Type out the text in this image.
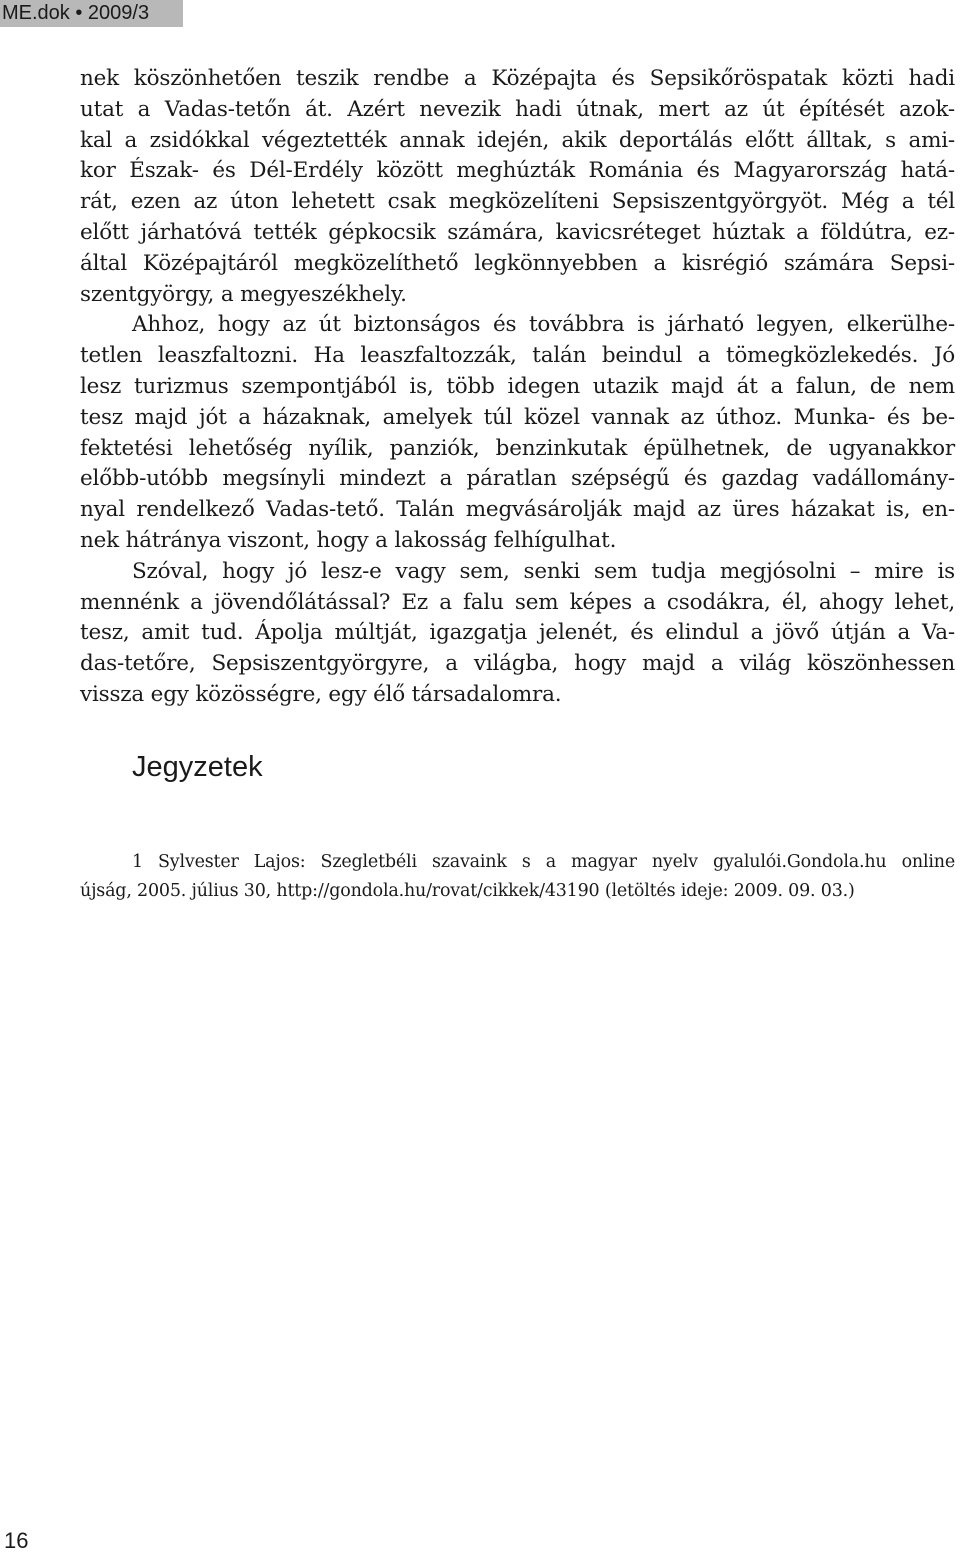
ME.dok • 2009/3
nek köszönhetően teszik rendbe a Középajta és Sepsikőröspatak közti hadi
utat a Vadas-tetőn át. Azért nevezik hadi útnak, mert az út építését azok-
kal a zsidókkal végeztették annak idején, akik deportálás előtt álltak, s ami-
kor Észak- és Dél-Erdély között meghúzták Románia és Magyarország hatá-
rát, ezen az úton lehetett csak megközelíteni Sepsiszentgyörgyöt. Még a tél
előtt járhatóvá tették gépkocsik számára, kavicsréteget húztak a földútra, ez-
által Középajtáról megközelíthető legkönnyebben a kisrégió számára Sepsi-
szentgyörgy, a megyeszékhely.
Ahhoz, hogy az út biztonságos és továbbra is járható legyen, elkerülhe-
tetlen leaszfaltozni. Ha leaszfaltozzák, talán beindul a tömegközlekedés. Jó
lesz turizmus szempontjából is, több idegen utazik majd át a falun, de nem
tesz majd jót a házaknak, amelyek túl közel vannak az úthoz. Munka- és be-
fektetési lehetőség nyílik, panziók, benzinkutak épülhetnek, de ugyanakkor
előbb-utóbb megsínyli mindezt a páratlan szépségű és gazdag vadállomány-
nyal rendelkező Vadas-tető. Talán megvásárolják majd az üres házakat is, en-
nek hátránya viszont, hogy a lakosság felhígulhat.
Szóval, hogy jó lesz-e vagy sem, senki sem tudja megjósolni – mire is
mennénk a jövendőlátással? Ez a falu sem képes a csodákra, él, ahogy lehet,
tesz, amit tud. Ápolja múltját, igazgatja jelenét, és elindul a jövő útján a Va-
das-tetőre, Sepsiszentgyörgyre, a világba, hogy majd a világ köszönhessen
vissza egy közösségre, egy élő társadalomra.
Jegyzetek
1 Sylvester Lajos: Szegletbéli szavaink s a magyar nyelv gyalulói.Gondola.hu online
újság, 2005. július 30, http://gondola.hu/rovat/cikkek/43190 (letöltés ideje: 2009. 09. 03.)
16
